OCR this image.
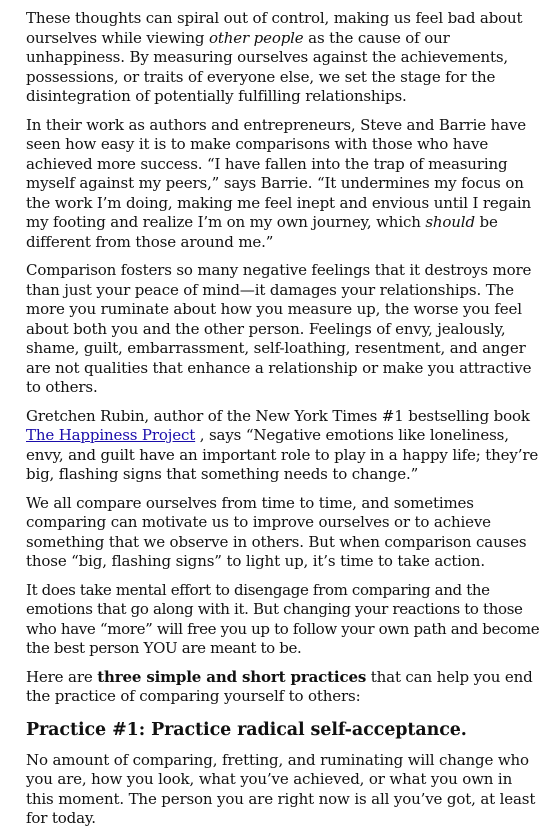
These thoughts can spiral out of control, making us feel bad about ourselves while viewing other people as the cause of our unhappiness. By measuring ourselves against the achievements, possessions, or traits of everyone else, we set the stage for the disintegration of potentially fulfilling relationships.

In their work as authors and entrepreneurs, Steve and Barrie have seen how easy it is to make comparisons with those who have achieved more success. “I have fallen into the trap of measuring myself against my peers,” says Barrie. “It undermines my focus on the work I’m doing, making me feel inept and envious until I regain my footing and realize I’m on my own journey, which should be different from those around me.”

Comparison fosters so many negative feelings that it destroys more than just your peace of mind—it damages your relationships. The more you ruminate about how you measure up, the worse you feel about both you and the other person. Feelings of envy, jealously, shame, guilt, embarrassment, self-loathing, resentment, and anger are not qualities that enhance a relationship or make you attractive to others.

Gretchen Rubin, author of the New York Times #1 bestselling book The Happiness Project , says “Negative emotions like loneliness, envy, and guilt have an important role to play in a happy life; they’re big, flashing signs that something needs to change.”

We all compare ourselves from time to time, and sometimes comparing can motivate us to improve ourselves or to achieve something that we observe in others. But when comparison causes those “big, flashing signs” to light up, it’s time to take action.

It does take mental effort to disengage from comparing and the emotions that go along with it. But changing your reactions to those who have “more” will free you up to follow your own path and become the best person YOU are meant to be.

Here are three simple and short practices that can help you end the practice of comparing yourself to others:

Practice #1: Practice radical self-acceptance.

No amount of comparing, fretting, and ruminating will change who you are, how you look, what you’ve achieved, or what you own in this moment. The person you are right now is all you’ve got, at least for today.
